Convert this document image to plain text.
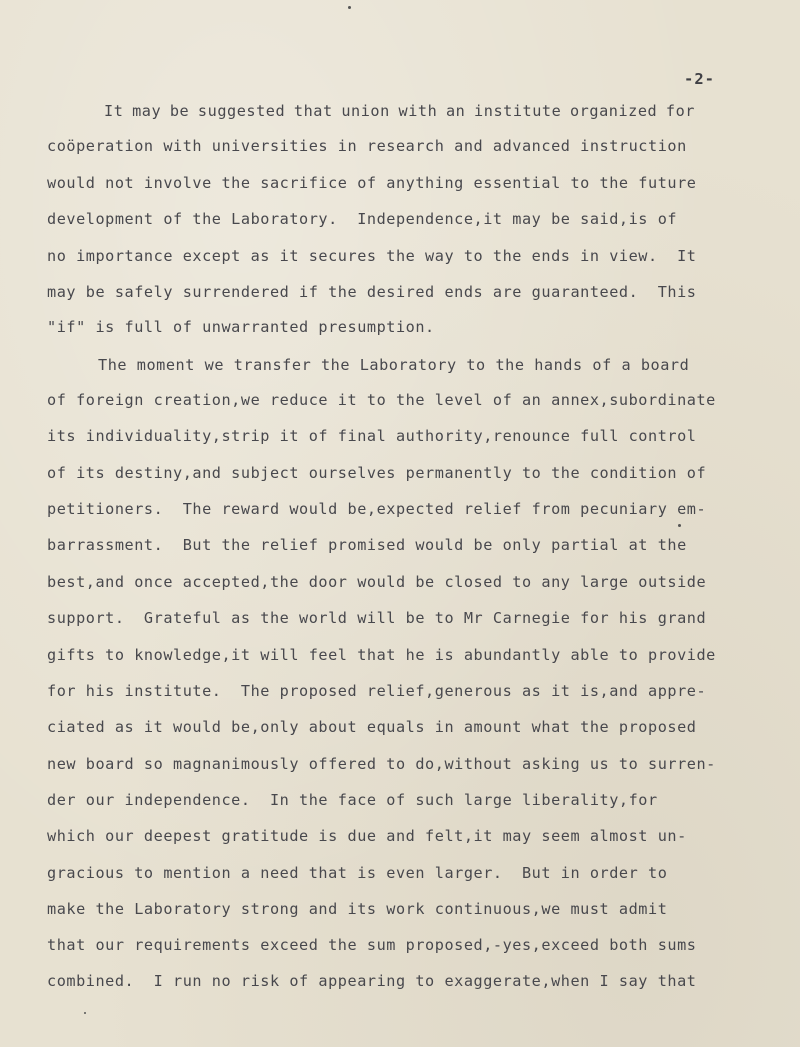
-2-
It may be suggested that union with an institute organized for
coöperation with universities in research and advanced instruction
would not involve the sacrifice of anything essential to the future
development of the Laboratory.  Independence,it may be said,is of
no importance except as it secures the way to the ends in view.  It
may be safely surrendered if the desired ends are guaranteed.  This
"if" is full of unwarranted presumption.
The moment we transfer the Laboratory to the hands of a board
of foreign creation,we reduce it to the level of an annex,subordinate
its individuality,strip it of final authority,renounce full control
of its destiny,and subject ourselves permanently to the condition of
petitioners.  The reward would be,expected relief from pecuniary em-
barrassment.  But the relief promised would be only partial at the
best,and once accepted,the door would be closed to any large outside
support.  Grateful as the world will be to Mr Carnegie for his grand
gifts to knowledge,it will feel that he is abundantly able to provide
for his institute.  The proposed relief,generous as it is,and appre-
ciated as it would be,only about equals in amount what the proposed
new board so magnanimously offered to do,without asking us to surren-
der our independence.  In the face of such large liberality,for
which our deepest gratitude is due and felt,it may seem almost un-
gracious to mention a need that is even larger.  But in order to
make the Laboratory strong and its work continuous,we must admit
that our requirements exceed the sum proposed,-yes,exceed both sums
combined.  I run no risk of appearing to exaggerate,when I say that
